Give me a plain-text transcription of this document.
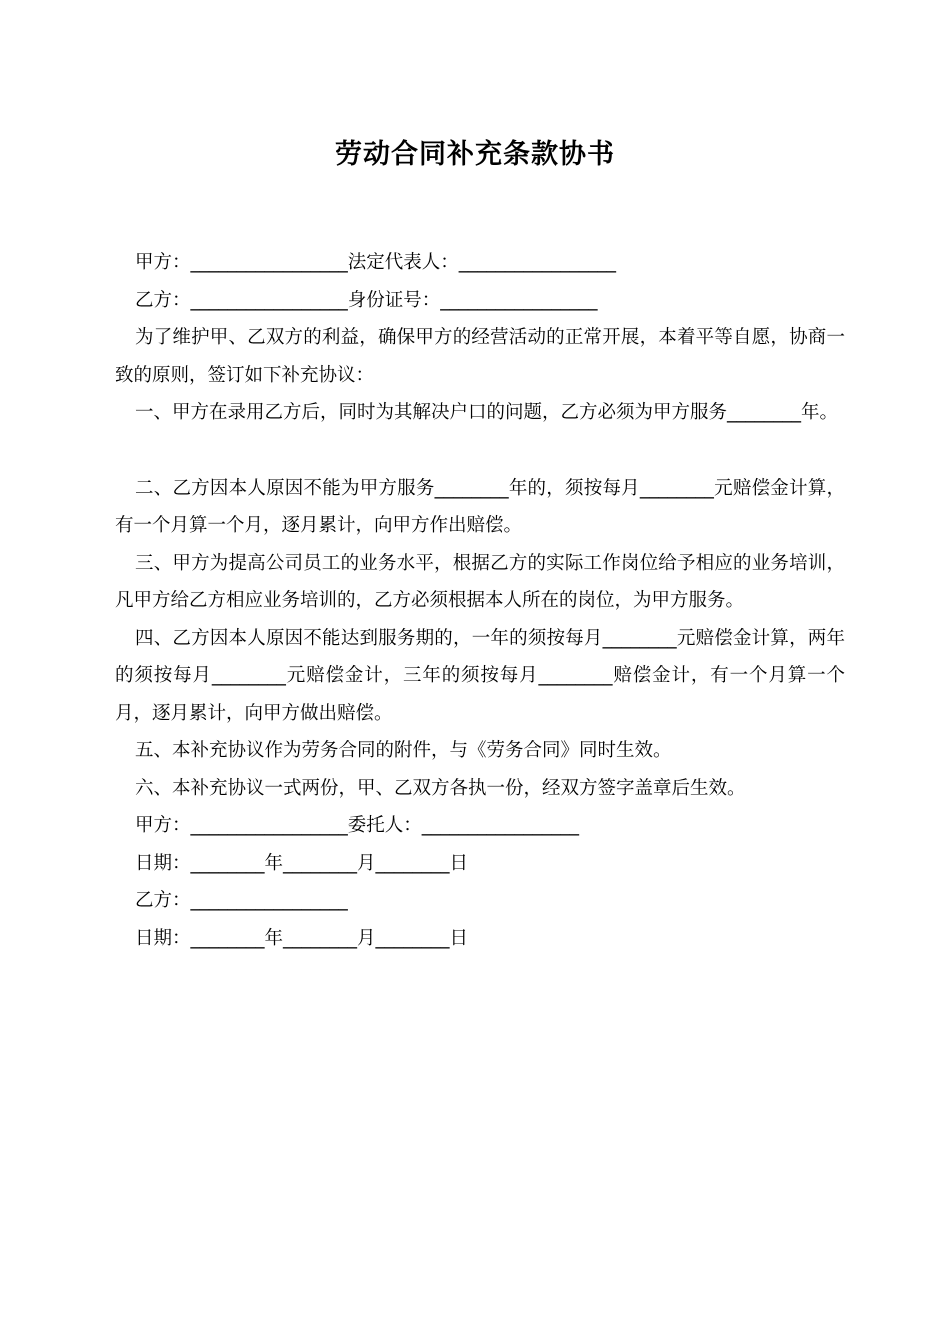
劳动合同补充条款协书

甲方：_________________法定代表人：_________________

乙方：_________________身份证号：_________________

为了维护甲、乙双方的利益，确保甲方的经营活动的正常开展，本着平等自愿，协商一致的原则，签订如下补充协议：

一、甲方在录用乙方后，同时为其解决户口的问题，乙方必须为甲方服务________年。

二、乙方因本人原因不能为甲方服务________年的，须按每月________元赔偿金计算，有一个月算一个月，逐月累计，向甲方作出赔偿。

三、甲方为提高公司员工的业务水平，根据乙方的实际工作岗位给予相应的业务培训，凡甲方给乙方相应业务培训的，乙方必须根据本人所在的岗位，为甲方服务。

四、乙方因本人原因不能达到服务期的，一年的须按每月________元赔偿金计算，两年的须按每月________元赔偿金计，三年的须按每月________赔偿金计，有一个月算一个月，逐月累计，向甲方做出赔偿。

五、本补充协议作为劳务合同的附件，与《劳务合同》同时生效。

六、本补充协议一式两份，甲、乙双方各执一份，经双方签字盖章后生效。

甲方：_________________委托人：_________________

日期：________年________月________日

乙方：_________________

日期：________年________月________日
